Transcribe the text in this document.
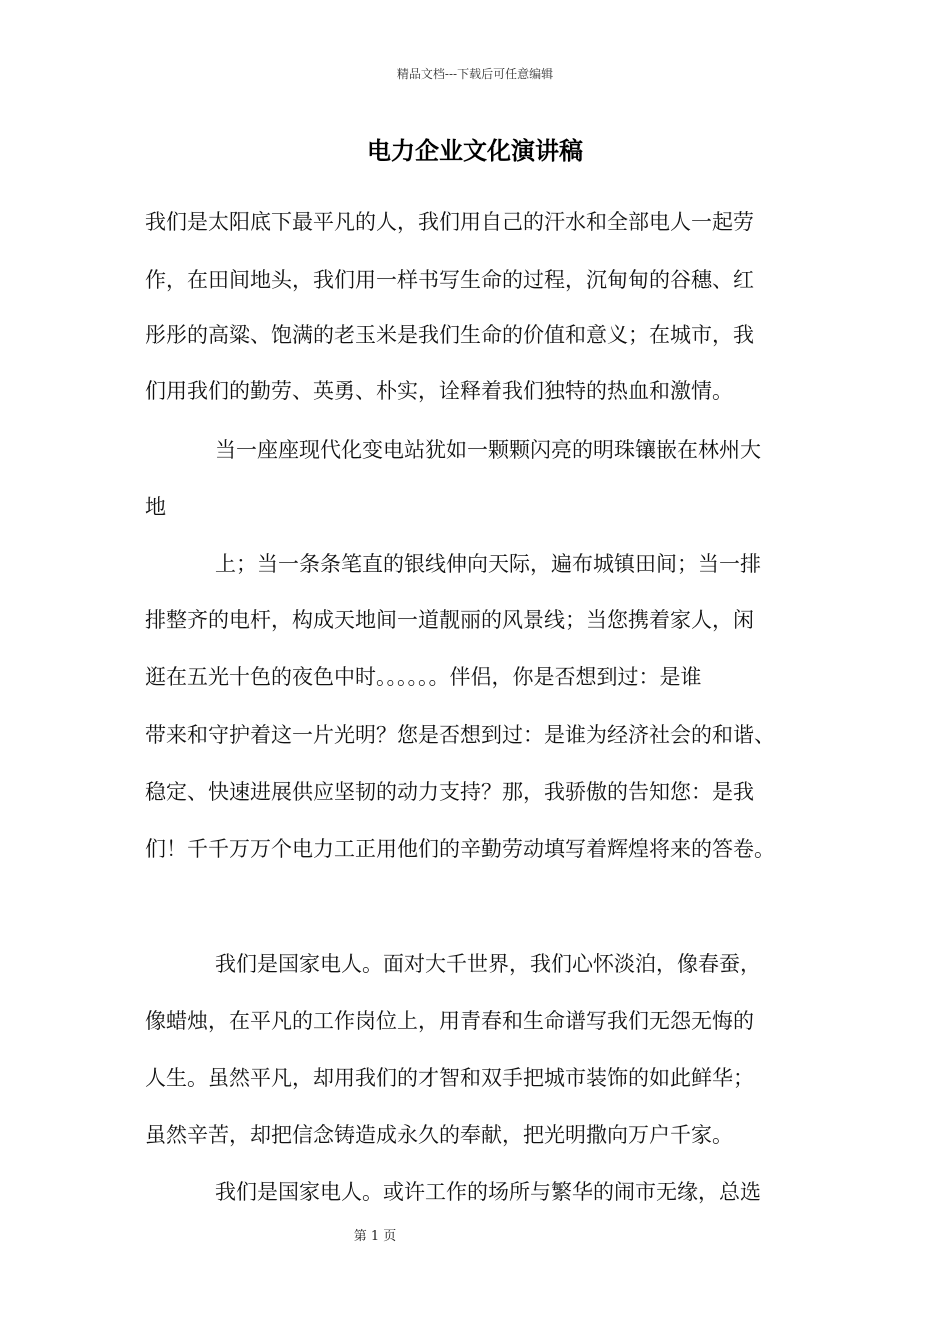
精品文档---下载后可任意编辑
电力企业文化演讲稿
我们是太阳底下最平凡的人，我们用自己的汗水和全部电人一起劳
作，在田间地头，我们用一样书写生命的过程，沉甸甸的谷穗、红
彤彤的高粱、饱满的老玉米是我们生命的价值和意义；在城市，我
们用我们的勤劳、英勇、朴实，诠释着我们独特的热血和激情。
当一座座现代化变电站犹如一颗颗闪亮的明珠镶嵌在林州大
地
上；当一条条笔直的银线伸向天际，遍布城镇田间；当一排
排整齐的电杆，构成天地间一道靓丽的风景线；当您携着家人，闲
逛在五光十色的夜色中时。。。。。。伴侣，你是否想到过：是谁
带来和守护着这一片光明？您是否想到过：是谁为经济社会的和谐、
稳定、快速进展供应坚韧的动力支持？那，我骄傲的告知您：是我
们！千千万万个电力工正用他们的辛勤劳动填写着辉煌将来的答卷。
我们是国家电人。面对大千世界，我们心怀淡泊，像春蚕，
像蜡烛，在平凡的工作岗位上，用青春和生命谱写我们无怨无悔的
人生。虽然平凡，却用我们的才智和双手把城市装饰的如此鲜华；
虽然辛苦，却把信念铸造成永久的奉献，把光明撒向万户千家。
我们是国家电人。或许工作的场所与繁华的闹市无缘，总选
第 1 页
